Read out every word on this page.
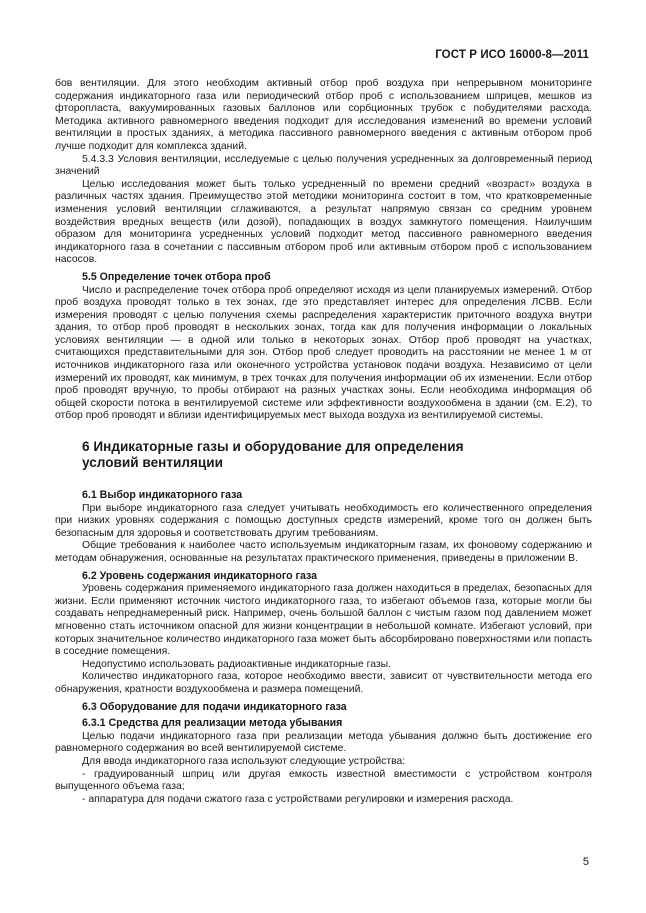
ГОСТ Р ИСО 16000-8—2011

бов вентиляции. Для этого необходим активный отбор проб воздуха при непрерывном мониторинге содержания индикаторного газа или периодический отбор проб с использованием шприцев, мешков из фторопласта, вакуумированных газовых баллонов или сорбционных трубок с побудителями расхода. Методика активного равномерного введения подходит для исследования изменений во времени условий вентиляции в простых зданиях, а методика пассивного равномерного введения с активным отбором проб лучше подходит для комплекса зданий.

5.4.3.3 Условия вентиляции, исследуемые с целью получения усредненных за долговременный период значений

Целью исследования может быть только усредненный по времени средний «возраст» воздуха в различных частях здания. Преимущество этой методики мониторинга состоит в том, что кратковременные изменения условий вентиляции сглаживаются, а результат напрямую связан со средним уровнем воздействия вредных веществ (или дозой), попадающих в воздух замкнутого помещения. Наилучшим образом для мониторинга усредненных условий подходит метод пассивного равномерного введения индикаторного газа в сочетании с пассивным отбором проб или активным отбором проб с использованием насосов.

5.5 Определение точек отбора проб

Число и распределение точек отбора проб определяют исходя из цели планируемых измерений. Отбор проб воздуха проводят только в тех зонах, где это представляет интерес для определения ЛСВВ. Если измерения проводят с целью получения схемы распределения характеристик приточного воздуха внутри здания, то отбор проб проводят в нескольких зонах, тогда как для получения информации о локальных условиях вентиляции — в одной или только в некоторых зонах. Отбор проб проводят на участках, считающихся представительными для зон. Отбор проб следует проводить на расстоянии не менее 1 м от источников индикаторного газа или оконечного устройства установок подачи воздуха. Независимо от цели измерений их проводят, как минимум, в трех точках для получения информации об их изменении. Если отбор проб проводят вручную, то пробы отбирают на разных участках зоны. Если необходима информация об общей скорости потока в вентилируемой системе или эффективности воздухообмена в здании (см. Е.2), то отбор проб проводят и вблизи идентифицируемых мест выхода воздуха из вентилируемой системы.

6 Индикаторные газы и оборудование для определения условий вентиляции

6.1 Выбор индикаторного газа

При выборе индикаторного газа следует учитывать необходимость его количественного определения при низких уровнях содержания с помощью доступных средств измерений, кроме того он должен быть безопасным для здоровья и соответствовать другим требованиям.

Общие требования к наиболее часто используемым индикаторным газам, их фоновому содержанию и методам обнаружения, основанные на результатах практического применения, приведены в приложении В.

6.2 Уровень содержания индикаторного газа

Уровень содержания применяемого индикаторного газа должен находиться в пределах, безопасных для жизни. Если применяют источник чистого индикаторного газа, то избегают объемов газа, которые могли бы создавать непреднамеренный риск. Например, очень большой баллон с чистым газом под давлением может мгновенно стать источником опасной для жизни концентрации в небольшой комнате. Избегают условий, при которых значительное количество индикаторного газа может быть абсорбировано поверхностями или попасть в соседние помещения.

Недопустимо использовать радиоактивные индикаторные газы.

Количество индикаторного газа, которое необходимо ввести, зависит от чувствительности метода его обнаружения, кратности воздухообмена и размера помещений.

6.3 Оборудование для подачи индикаторного газа

6.3.1 Средства для реализации метода убывания

Целью подачи индикаторного газа при реализации метода убывания должно быть достижение его равномерного содержания во всей вентилируемой системе.

Для ввода индикаторного газа используют следующие устройства:

- градуированный шприц или другая емкость известной вместимости с устройством контроля выпущенного объема газа;

- аппаратура для подачи сжатого газа с устройствами регулировки и измерения расхода.

5
